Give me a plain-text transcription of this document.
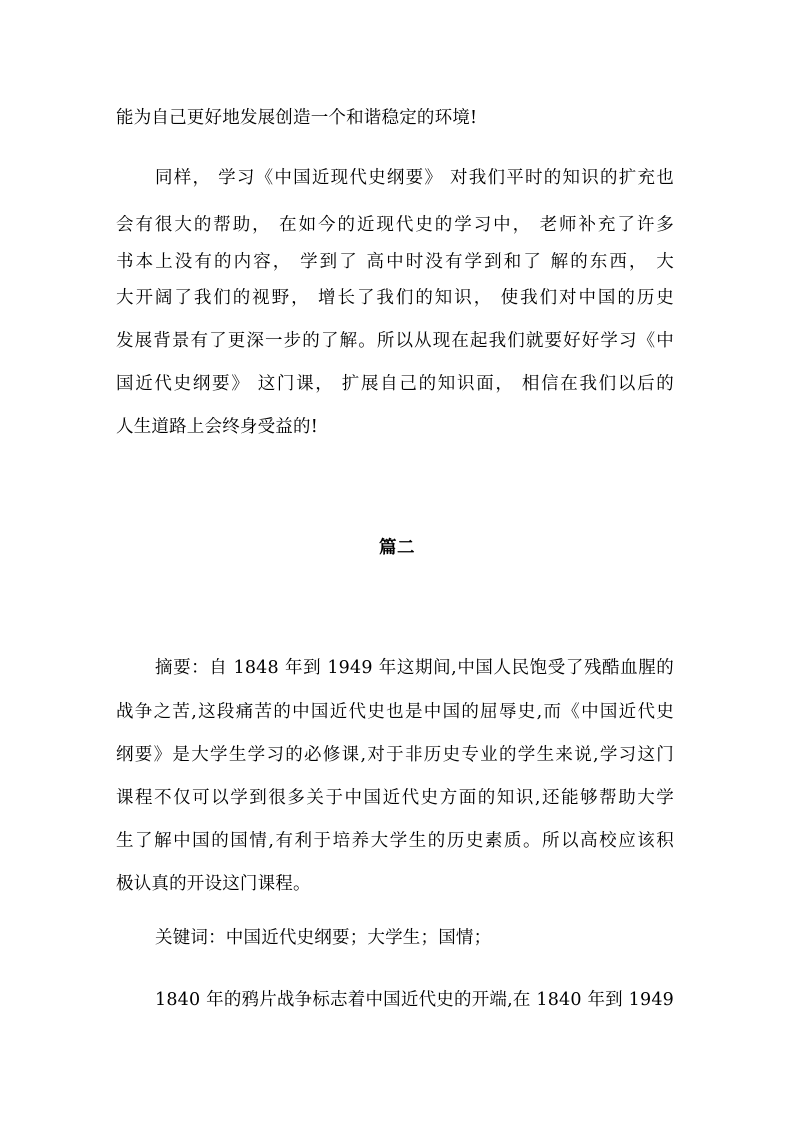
能为自己更好地发展创造一个和谐稳定的环境!
同样， 学习《中国近现代史纲要》 对我们平时的知识的扩充也
会有很大的帮助， 在如今的近现代史的学习中， 老师补充了许多
书本上没有的内容， 学到了 高中时没有学到和了 解的东西， 大
大开阔了我们的视野， 增长了我们的知识， 使我们对中国的历史
发展背景有了更深一步的了解。所以从现在起我们就要好好学习《中
国近代史纲要》 这门课， 扩展自己的知识面， 相信在我们以后的
人生道路上会终身受益的!
篇二
摘要：自 1848 年到 1949 年这期间,中国人民饱受了残酷血腥的
战争之苦,这段痛苦的中国近代史也是中国的屈辱史,而《中国近代史
纲要》是大学生学习的必修课,对于非历史专业的学生来说,学习这门
课程不仅可以学到很多关于中国近代史方面的知识,还能够帮助大学
生了解中国的国情,有利于培养大学生的历史素质。所以高校应该积
极认真的开设这门课程。
关键词：中国近代史纲要；大学生；国情；
1840 年的鸦片战争标志着中国近代史的开端,在 1840 年到 1949
